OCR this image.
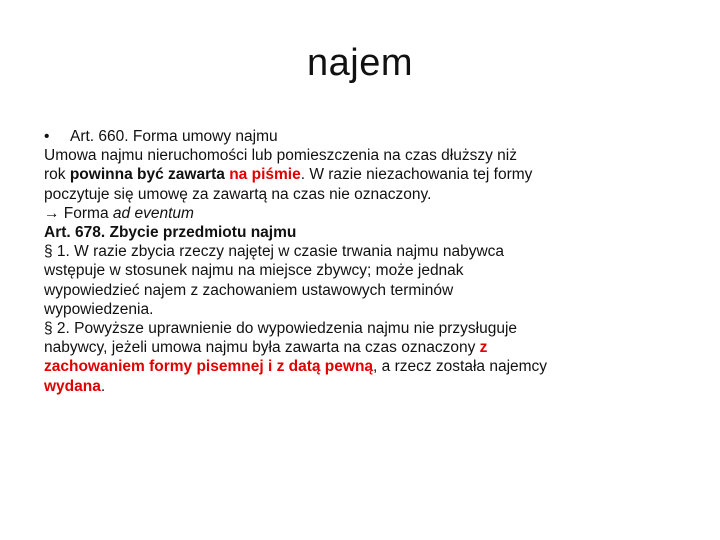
najem
• Art. 660. Forma umowy najmu
Umowa najmu nieruchomości lub pomieszczenia na czas dłuższy niż
rok powinna być zawarta na piśmie. W razie niezachowania tej formy
poczytuje się umowę za zawartą na czas nie oznaczony.
→ Forma ad eventum
Art. 678. Zbycie przedmiotu najmu
§ 1. W razie zbycia rzeczy najętej w czasie trwania najmu nabywca
wstępuje w stosunek najmu na miejsce zbywcy; może jednak
wypowiedzieć najem z zachowaniem ustawowych terminów
wypowiedzenia.
§ 2. Powyższe uprawnienie do wypowiedzenia najmu nie przysługuje
nabywcy, jeżeli umowa najmu była zawarta na czas oznaczony z
zachowaniem formy pisemnej i z datą pewną, a rzecz została najemcy
wydana.
